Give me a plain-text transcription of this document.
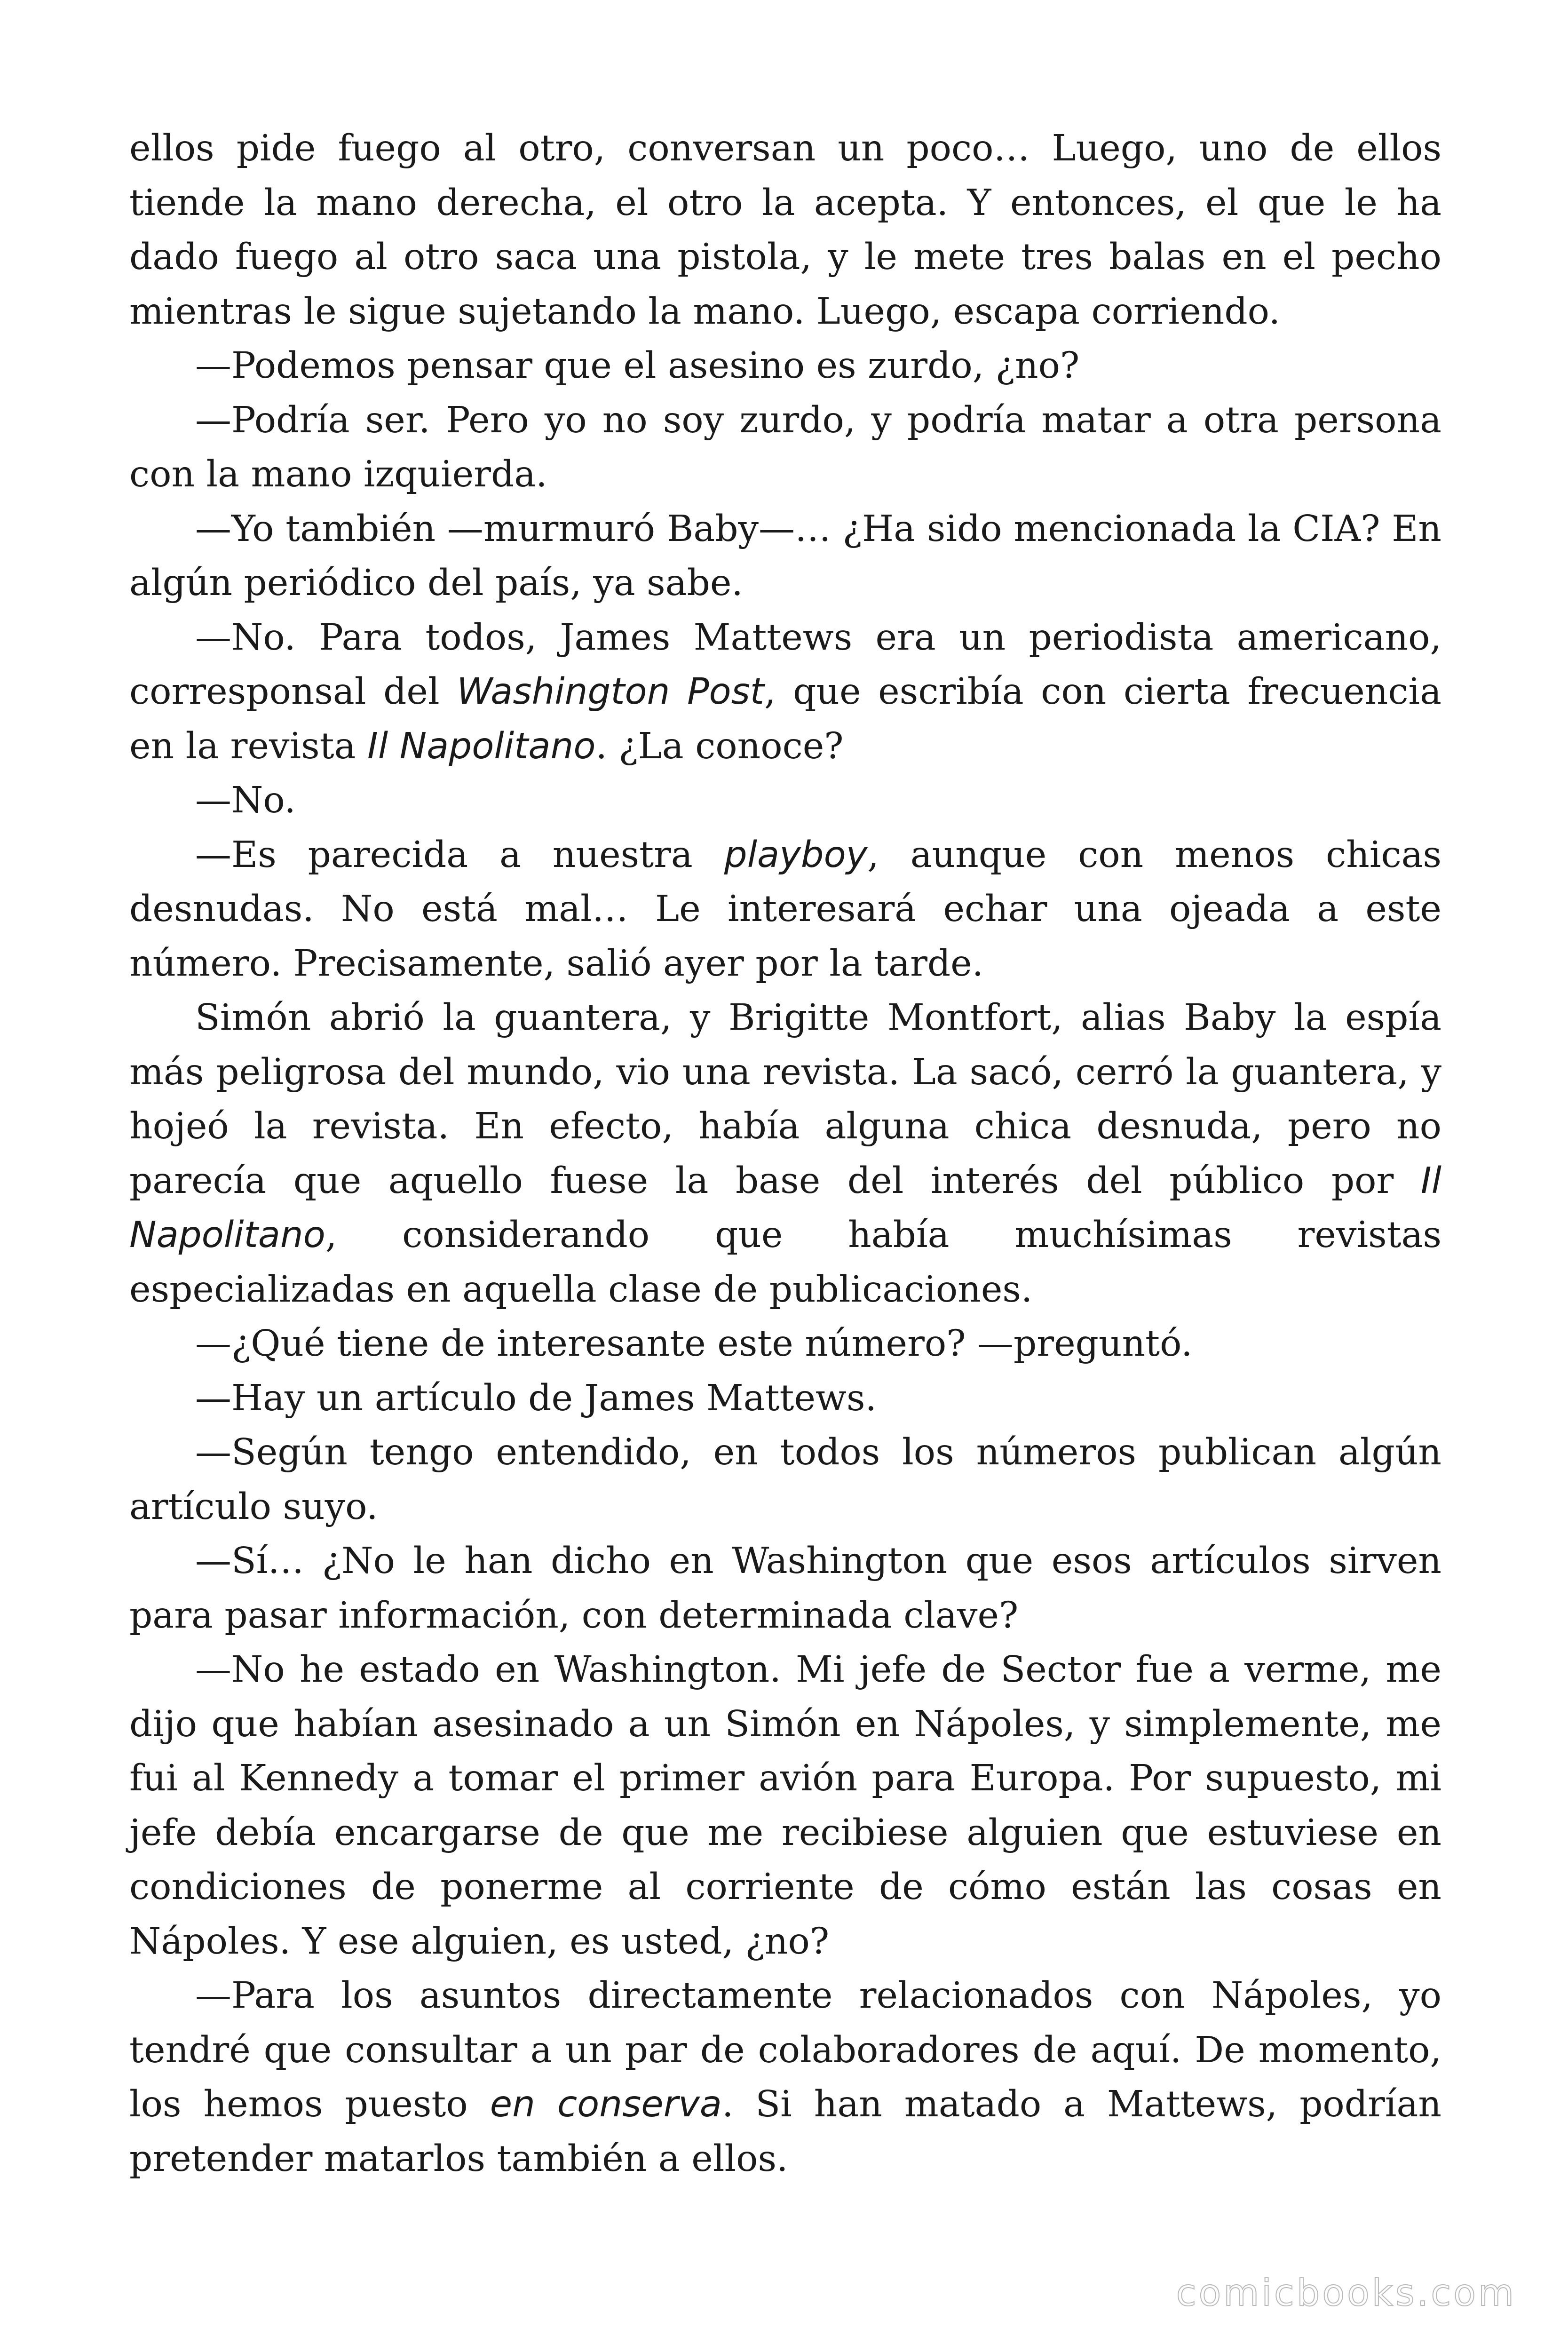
ellos pide fuego al otro, conversan un poco… Luego, uno de ellos tiende la mano derecha, el otro la acepta. Y entonces, el que le ha dado fuego al otro saca una pistola, y le mete tres balas en el pecho mientras le sigue sujetando la mano. Luego, escapa corriendo.

—Podemos pensar que el asesino es zurdo, ¿no?

—Podría ser. Pero yo no soy zurdo, y podría matar a otra persona con la mano izquierda.

—Yo también —murmuró Baby—… ¿Ha sido mencionada la CIA? En algún periódico del país, ya sabe.

—No. Para todos, James Mattews era un periodista americano, corresponsal del Washington Post, que escribía con cierta frecuencia en la revista Il Napolitano. ¿La conoce?

—No.

—Es parecida a nuestra playboy, aunque con menos chicas desnudas. No está mal… Le interesará echar una ojeada a este número. Precisamente, salió ayer por la tarde.

Simón abrió la guantera, y Brigitte Montfort, alias Baby la espía más peligrosa del mundo, vio una revista. La sacó, cerró la guantera, y hojeó la revista. En efecto, había alguna chica desnuda, pero no parecía que aquello fuese la base del interés del público por Il Napolitano, considerando que había muchísimas revistas especializadas en aquella clase de publicaciones.

—¿Qué tiene de interesante este número? —preguntó.

—Hay un artículo de James Mattews.

—Según tengo entendido, en todos los números publican algún artículo suyo.

—Sí… ¿No le han dicho en Washington que esos artículos sirven para pasar información, con determinada clave?

—No he estado en Washington. Mi jefe de Sector fue a verme, me dijo que habían asesinado a un Simón en Nápoles, y simplemente, me fui al Kennedy a tomar el primer avión para Europa. Por supuesto, mi jefe debía encargarse de que me recibiese alguien que estuviese en condiciones de ponerme al corriente de cómo están las cosas en Nápoles. Y ese alguien, es usted, ¿no?

—Para los asuntos directamente relacionados con Nápoles, yo tendré que consultar a un par de colaboradores de aquí. De momento, los hemos puesto en conserva. Si han matado a Mattews, podrían pretender matarlos también a ellos.

comicbooks.com
